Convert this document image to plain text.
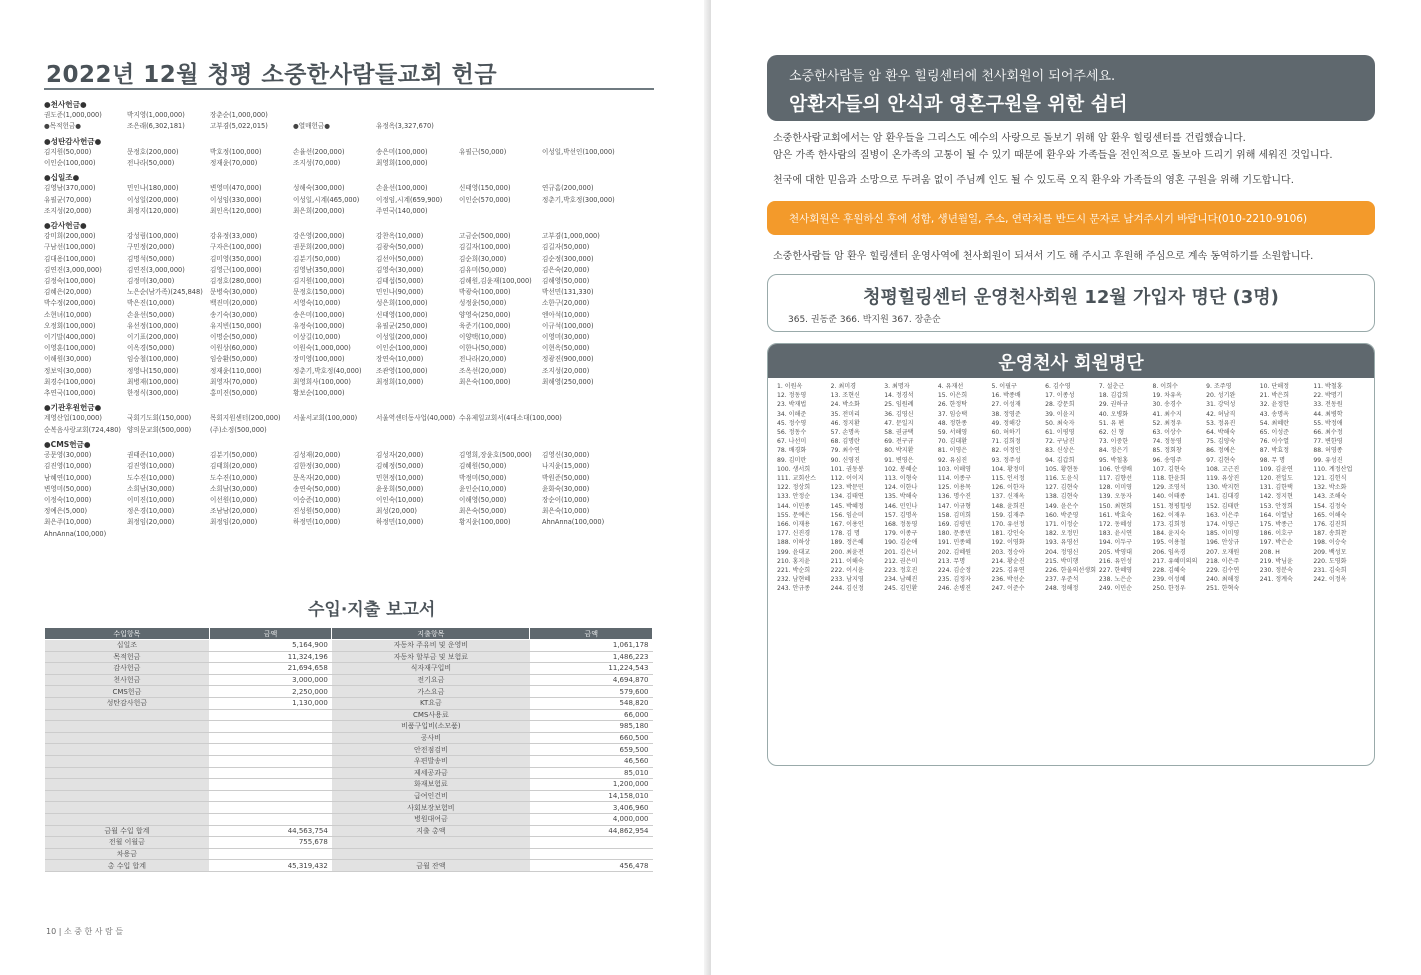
2022년 12월 청평 소중한사람들교회 헌금
●천사헌금●
권도준(1,000,000)	박지영(1,000,000)	장춘순(1,000,000)
●목적헌금●	조은래(6,302,181)	고부겸(5,022,015)	●열매헌금●	유정옥(3,327,670)
●성탄감사헌금●
김지원(50,000)	문정호(200,000)	박호정(100,000)	손율선(200,000)	송은미(100,000)	유필근(50,000)	이성일,박선인(100,000)
이인순(100,000)	전나라(50,000)	정재윤(70,000)	조지성(70,000)	최영희(100,000)
●십일조●
김영남(370,000)	민인나(180,000)	변영미(470,000)	성해숙(300,000)	손윤선(100,000)	신태영(150,000)	연규흠(200,000)
유필균(70,000)	이성일(200,000)	이성임(330,000)	이성일,시계(465,000)	이정임,시계(659,900)	이인순(570,000)	정춘기,박호정(300,000)
조지성(20,000)	최정지(120,000)	최인옥(120,000)	최은희(200,000)	주연국(140,000)
●감사헌금●
강미희(200,000)	강성림(100,000)	강유정(33,000)	강은영(200,000)	강찬옥(10,000)	고금순(500,000)	고부겸(1,000,000)
구남선(100,000)	구민정(20,000)	구자은(100,000)	권문희(200,000)	김광숙(50,000)	김길자(100,000)	김길자(50,000)
김대용(100,000)	김명석(50,000)	김미영(350,000)	김분기(50,000)	김선아(50,000)	김순희(30,000)	김순정(300,000)
김연진(3,000,000)	김연진(3,000,000)	김영근(100,000)	김영남(350,000)	김영숙(30,000)	김유미(50,000)	김은숙(20,000)
김정숙(100,000)	김정미(30,000)	김정호(280,000)	김지원(100,000)	김태섭(50,000)	김해원,김윤재(100,000)	김해영(50,000)
김혜은(20,000)	노은순(남가족)(245,848)	문병숙(30,000)	문정호(150,000)	민인나(90,000)	박광숙(100,000)	박선민(131,330)
박수정(200,000)	박은진(10,000)	백진미(20,000)	서영숙(10,000)	성은희(100,000)	성정윤(50,000)	소한구(20,000)
소현녀(10,000)	손윤선(50,000)	송기숙(30,000)	송은미(100,000)	신태영(100,000)	양영숙(250,000)	엔아석(10,000)
오정회(100,000)	유선정(100,000)	유지빈(150,000)	유정숙(100,000)	유필균(250,000)	육준기(100,000)	이규석(100,000)
이기말(400,000)	이기표(200,000)	이명순(50,000)	이상길(10,000)	이성일(200,000)	이양택(10,000)	이영미(30,000)
이영훈(100,000)	이옥경(50,000)	이원상(60,000)	이원숙(1,000,000)	이인순(100,000)	이한나(50,000)	이현옥(50,000)
이해원(30,000)	임승철(100,000)	임승환(50,000)	장미영(100,000)	장연숙(10,000)	전나라(20,000)	정광진(900,000)
정보익(30,000)	정영나(150,000)	정재윤(110,000)	정춘기,박호정(40,000)	조관영(100,000)	조옥선(20,000)	조지성(20,000)
최경수(100,000)	최병재(100,000)	최영자(70,000)	최영희사(100,000)	최정희(10,000)	최은숙(100,000)	최해영(250,000)
추연국(100,000)	한정식(300,000)	홍미진(50,000)	황보순(100,000)
●기관후원헌금●
계영산업(100,000)	국회기도회(150,000)	목회지원센터(200,000)	서울서교회(100,000)	서울역센터동사업(40,000) 수유제일교회서(4대소대(100,000)
순복음사랑교회(724,480) 양의문교회(500,000)	(주)소정(500,000)
●CMS헌금●
공문영(30,000)	권태준(10,000)	김분기(50,000)	김성재(20,000)	김성자(20,000)	김영희,장윤호(500,000)	김영신(30,000)
김진영(10,000)	김진영(10,000)	김태희(20,000)	김한정(30,000)	김혜정(50,000)	김혜원(50,000)	나지윤(15,000)
남혜연(10,000)	도수진(10,000)	도수진(10,000)	문옥자(20,000)	민현정(10,000)	박정미(50,000)	박원준(50,000)
변영미(50,000)	소희남(30,000)	소희남(30,000)	송연숙(50,000)	윤웅희(50,000)	윤인순(10,000)	윤화숙(30,000)
이정숙(10,000)	이미진(10,000)	이선원(10,000)	이승준(10,000)	이인숙(10,000)	이해영(50,000)	장순이(10,000)
정예은(5,000)	정은경(10,000)	조남남(20,000)	진성원(50,000)	최성(20,000)	최은숙(50,000)	최은숙(10,000)
최은주(10,000)	최정임(20,000)	최정임(20,000)	하정민(10,000)	하정민(10,000)	황지윤(100,000)	AhnAnna(100,000)
AhnAnna(100,000)
수입·지출 보고서
수입항목	금액	지출항목	금액
십일조	5,164,900	자동차 주유비 및 운영비	1,061,178
목적헌금	11,324,196	자동차 할부금 및 보험료	1,486,223
감사헌금	21,694,658	식자재구입비	11,224,543
천사헌금	3,000,000	전기요금	4,694,870
CMS헌금	2,250,000	가스요금	579,600
성탄감사헌금	1,130,000	KT요금	548,820
		CMS사용료	66,000
		비품구입비(소모품)	985,180
		공사비	660,500
		안전점검비	659,500
		우편발송비	46,560
		제세공과금	85,010
		화재보험료	1,200,000
		급여인건비	14,158,010
		사회보장보험비	3,406,960
		병원대여금	4,000,000
금월 수입 합계	44,563,754	지출 총액	44,862,954
전월 이월금	755,678		
차용금			
총 수입 합계	45,319,432	금월 잔액	456,478
10 | 소 중 한 사 람 들
소중한사람들 암 환우 힐링센터에 천사회원이 되어주세요.
암환자들의 안식과 영혼구원을 위한 쉼터
소중한사람교회에서는 암 환우들을 그리스도 예수의 사랑으로 돌보기 위해 암 환우 힐링센터를 건립했습니다.
암은 가족 한사람의 질병이 온가족의 고통이 될 수 있기 때문에 환우와 가족들을 전인적으로 돌보아 드리기 위해 세워진 것입니다.
천국에 대한 믿음과 소망으로 두려움 없이 주님께 인도 될 수 있도록 오직 환우와 가족들의 영혼 구원을 위해 기도합니다.
천사회원은 후원하신 후에 성함, 생년월일, 주소, 연락처를 반드시 문자로 남겨주시기 바랍니다(010-2210-9106)
소중한사람들 암 환우 힐링센터 운영사역에 천사회원이 되셔서 기도 해 주시고 후원해 주심으로 계속 동역하기를 소원합니다.
청평힐링센터 운영천사회원 12월 가입자 명단 (3명)
365. 권동준 366. 박지원 367. 장춘순
운영천사 회원명단
1. 이원옥	2. 최미경	3. 최명자	4. 유재선	5. 이필구	6. 김수영	7. 설춘근	8. 이희수	9. 조주영	10. 단해정	11. 박철홍
12. 정동영	13. 조현신	14. 정경석	15. 이은희	16. 박종배	17. 이종성	18. 김갑희	19. 차유옥	20. 성기완	21. 박은희	22. 박명기
23. 박재법	24. 박소화	25. 임원례	26. 한정탁	27. 이성재	28. 강문희	29. 권하규	30. 송경수	31. 강덕성	32. 윤정한	33. 전동원
34. 이해준	35. 전미리	36. 김영신	37. 임승택	38. 정영준	39. 이윤지	40. 오병화	41. 최수지	42. 허남직	43. 송명옥	44. 최병학
45. 정수영	46. 정지환	47. 문일지	48. 정한종	49. 정해강	50. 최숙자	51. 유 편	52. 최정우	53. 정유진	54. 최혜란	55. 박정애
56. 정동수	57. 손명옥	58. 권금택	59. 서해영	60. 허하기	61. 이평영	62. 신 형	63. 이상수	64. 박해숙	65. 이성준	66. 최수정
67. 나선미	68. 김명란	69. 전구규	70. 김대환	71. 김희정	72. 구남진	73. 이중한	74. 정동영	75. 김양숙	76. 이수열	77. 변한영
78. 배경화	79. 최수연	80. 박지환	81. 이영은	82. 이정인	83. 신상은	84. 정은기	85. 정회창	86. 정예은	87. 박효정	88. 허영종
89. 김미란	90. 신영진	91. 변영은	92. 유심진	93. 정주성	94. 김갑희	95. 박철홍	96. 송영주	97. 김현숙	98. 무 명	99. 유성진
100. 생서희	101. 권동봉	102. 봉혜순	103. 이해영	104. 황정미	105. 황현동	106. 안생배	107. 김현숙	108. 고근진	109. 김윤연	110. 계정산업
111. 교회산스	112. 이이지	113. 이형숙	114. 이종구	115. 인서정	116. 도윤식	117. 김향선	118. 한윤희	119. 유상진	120. 전일도	121. 김헌식
122. 정상희	123. 박문민	124. 이한나	125. 이용목	126. 이한자	127. 김현숙	128. 이미영	129. 조영석	130. 박지헌	131. 김한택	132. 박소화
133. 안정순	134. 김태연	135. 박해숙	136. 명수진	137. 신재옥	138. 김현숙	139. 오동자	140. 이태종	141. 김대경	142. 정지현	143. 조해숙
144. 이민종	145. 박혜정	146. 민인나	147. 이규형	148. 윤희진	149. 윤은수	150. 최현희	151. 청평힐링	152. 김태란	153. 안정희	154. 김정숙
155. 문예은	156. 임순미	157. 김명옥	158. 김미희	159. 김재주	160. 박준영	161. 박효숙	162. 이재우	163. 이은주	164. 이열남	165. 이해숙
166. 이재용	167. 이용인	168. 정동영	169. 김평민	170. 유선정	171. 이정순	172. 동혜성	173. 김희정	174. 이영근	175. 박종근	176. 김진희
177. 신진경	178. 김 명	179. 이종구	180. 문종민	181. 강인숙	182. 오정민	183. 윤시연	184. 윤지숙	185. 이미영	186. 이호구	187. 송희찬
188. 이하상	189. 정은혜	190. 김순애	191. 민종혜	192. 이영화	193. 유영선	194. 이두구	195. 이용철	196. 안상규	197. 박은순	198. 이승숙
199. 윤대교	200. 최윤전	201. 김은녀	202. 김혜원	203. 정승아	204. 정영신	205. 박영대	206. 임옥경	207. 오재원	208. H	209. 백성모
210. 홍지윤	211. 이해숙	212. 권은미	213. 무명	214. 황순진	215. 박미행	216. 유인성	217. 유혜미의의	218. 이은주	219. 박님윤	220. 도영화
221. 박순희	222. 이시윤	223. 정호진	224. 김순정	225. 김유연	226. 한울의선생회 227. 한혜영	228. 김혜숙	229. 김수연	230. 정분숙	231. 김숙희
232. 남현혜	233. 남지영	234. 남혜진	235. 김정자	236. 박선순	237. 우준석	238. 노은순	239. 이성혜	240. 최해정	241. 정계숙	242. 이정옥
243. 안규종	244. 김신정	245. 김인환	246. 손병진	247. 이준수	248. 정해정	249. 이민순	250. 한정우	251. 한혁숙
